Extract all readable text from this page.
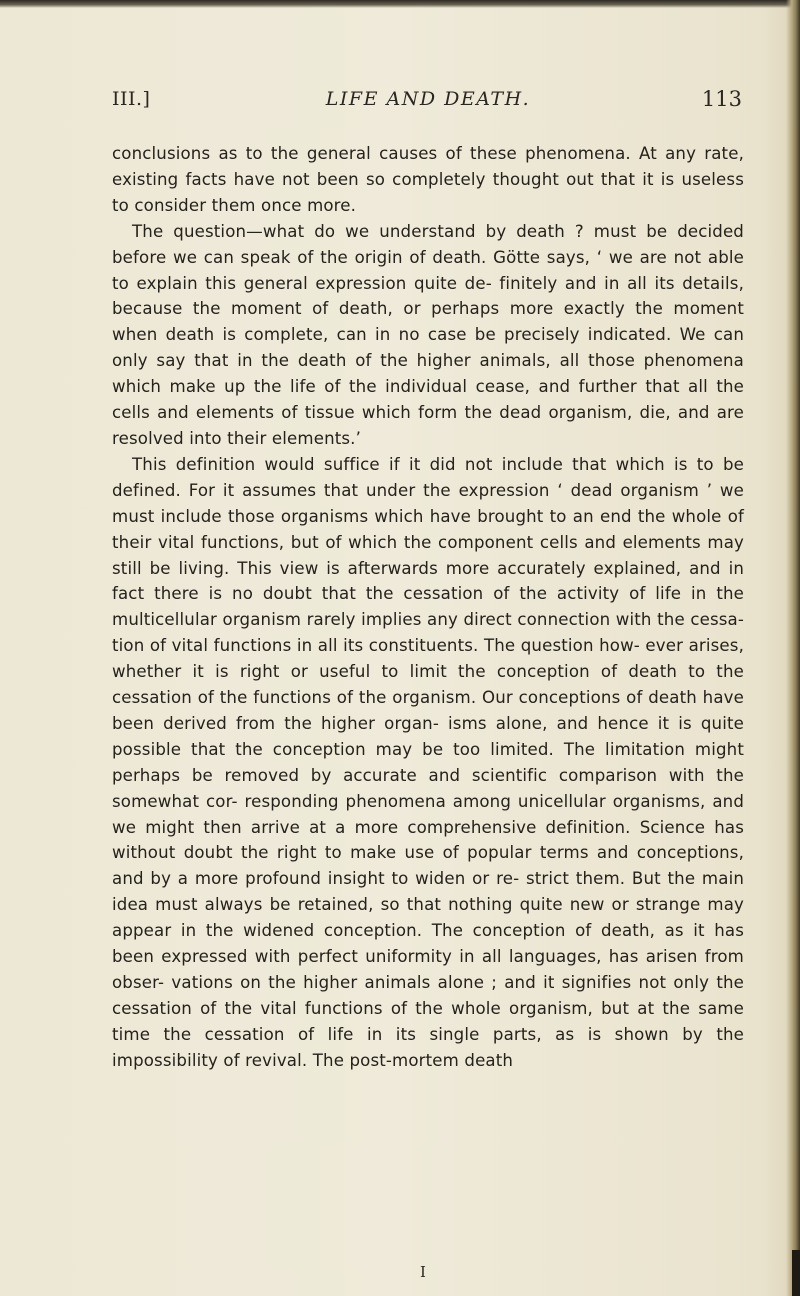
III.]	LIFE AND DEATH.	113

conclusions as to the general causes of these phenomena. At any rate, existing facts have not been so completely thought out that it is useless to consider them once more.

The question—what do we understand by death ? must be decided before we can speak of the origin of death. Götte says, ‘ we are not able to explain this general expression quite de- finitely and in all its details, because the moment of death, or perhaps more exactly the moment when death is complete, can in no case be precisely indicated. We can only say that in the death of the higher animals, all those phenomena which make up the life of the individual cease, and further that all the cells and elements of tissue which form the dead organism, die, and are resolved into their elements.’

This definition would suffice if it did not include that which is to be defined. For it assumes that under the expression ‘ dead organism ’ we must include those organisms which have brought to an end the whole of their vital functions, but of which the component cells and elements may still be living. This view is afterwards more accurately explained, and in fact there is no doubt that the cessation of the activity of life in the multicellular organism rarely implies any direct connection with the cessa- tion of vital functions in all its constituents. The question how- ever arises, whether it is right or useful to limit the conception of death to the cessation of the functions of the organism. Our conceptions of death have been derived from the higher organ- isms alone, and hence it is quite possible that the conception may be too limited. The limitation might perhaps be removed by accurate and scientific comparison with the somewhat cor- responding phenomena among unicellular organisms, and we might then arrive at a more comprehensive definition. Science has without doubt the right to make use of popular terms and conceptions, and by a more profound insight to widen or re- strict them. But the main idea must always be retained, so that nothing quite new or strange may appear in the widened conception. The conception of death, as it has been expressed with perfect uniformity in all languages, has arisen from obser- vations on the higher animals alone ; and it signifies not only the cessation of the vital functions of the whole organism, but at the same time the cessation of life in its single parts, as is shown by the impossibility of revival. The post-mortem death

I
